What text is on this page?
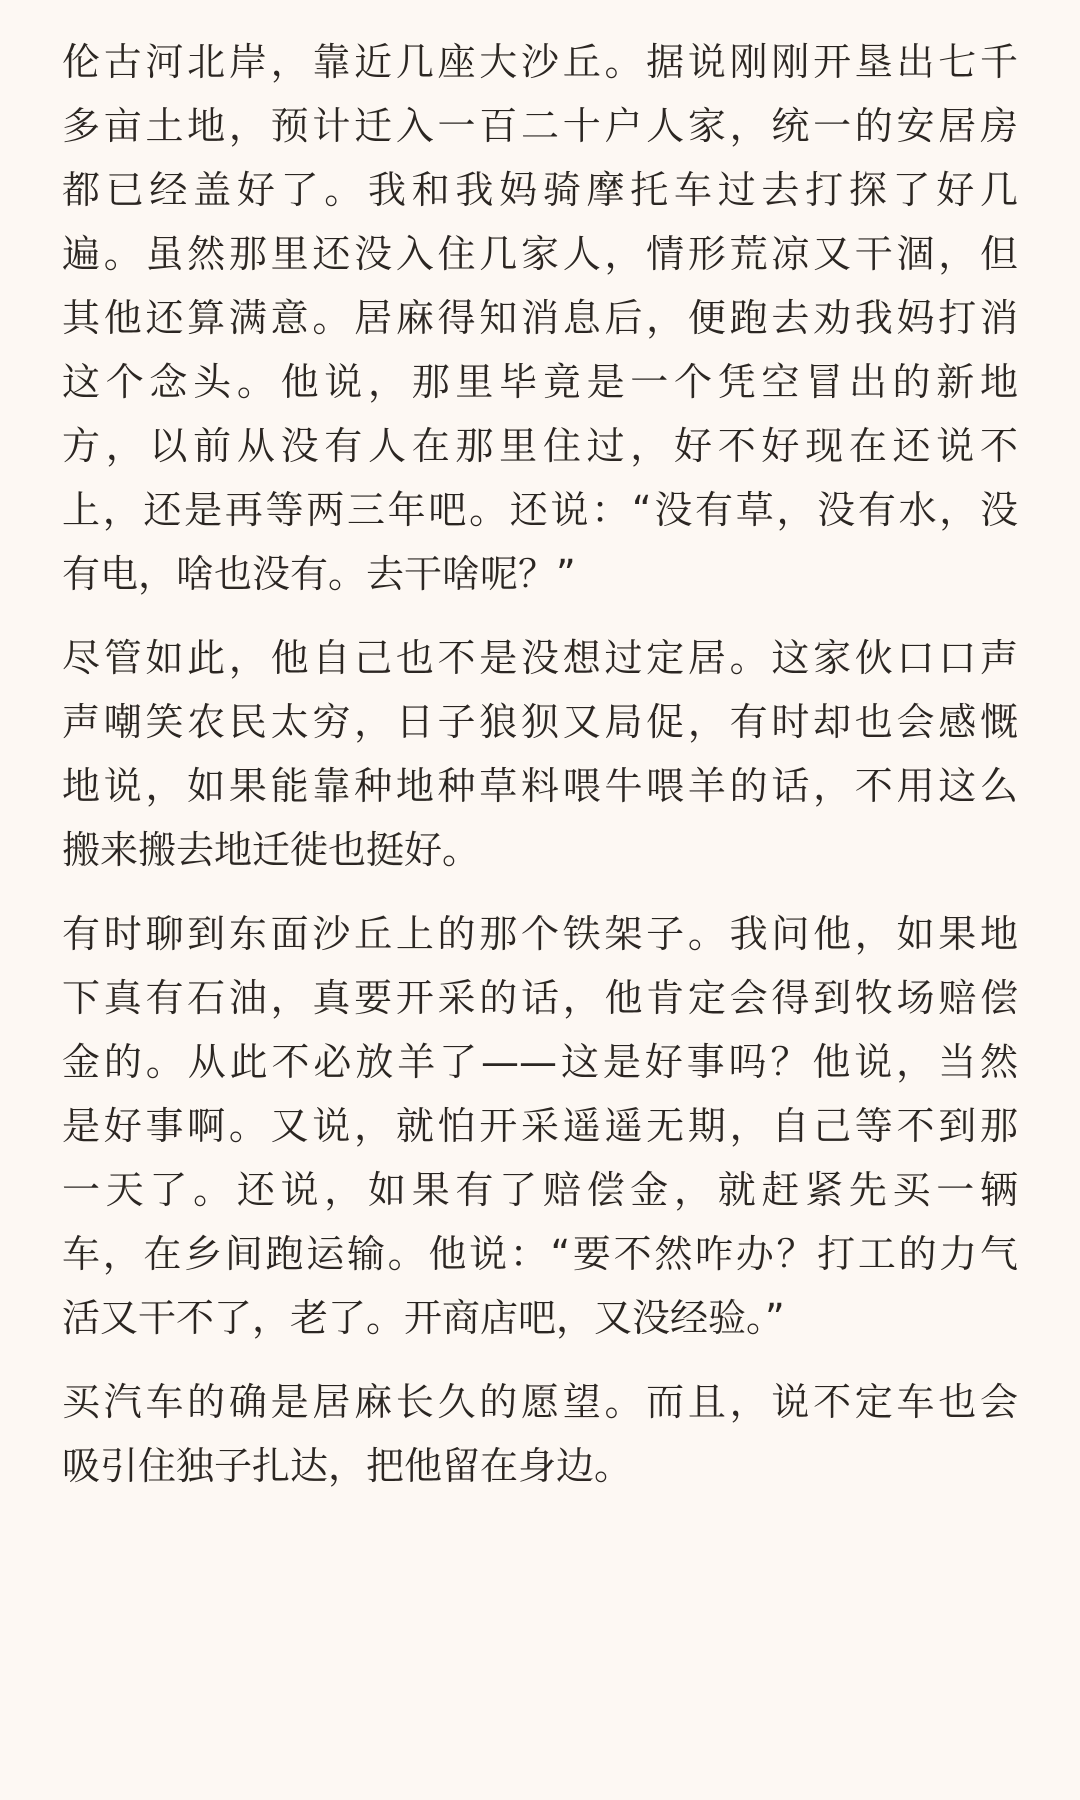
伦古河北岸，靠近几座大沙丘。据说刚刚开垦出七千
多亩土地，预计迁入一百二十户人家，统一的安居房
都已经盖好了。我和我妈骑摩托车过去打探了好几
遍。虽然那里还没入住几家人，情形荒凉又干涸，但
其他还算满意。居麻得知消息后，便跑去劝我妈打消
这个念头。他说，那里毕竟是一个凭空冒出的新地
方，以前从没有人在那里住过，好不好现在还说不
上，还是再等两三年吧。还说：“没有草，没有水，没
有电，啥也没有。去干啥呢？”

尽管如此，他自己也不是没想过定居。这家伙口口声
声嘲笑农民太穷，日子狼狈又局促，有时却也会感慨
地说，如果能靠种地种草料喂牛喂羊的话，不用这么
搬来搬去地迁徙也挺好。

有时聊到东面沙丘上的那个铁架子。我问他，如果地
下真有石油，真要开采的话，他肯定会得到牧场赔偿
金的。从此不必放羊了——这是好事吗？他说，当然
是好事啊。又说，就怕开采遥遥无期，自己等不到那
一天了。还说，如果有了赔偿金，就赶紧先买一辆
车，在乡间跑运输。他说：“要不然咋办？打工的力气
活又干不了，老了。开商店吧，又没经验。”

买汽车的确是居麻长久的愿望。而且，说不定车也会
吸引住独子扎达，把他留在身边。
